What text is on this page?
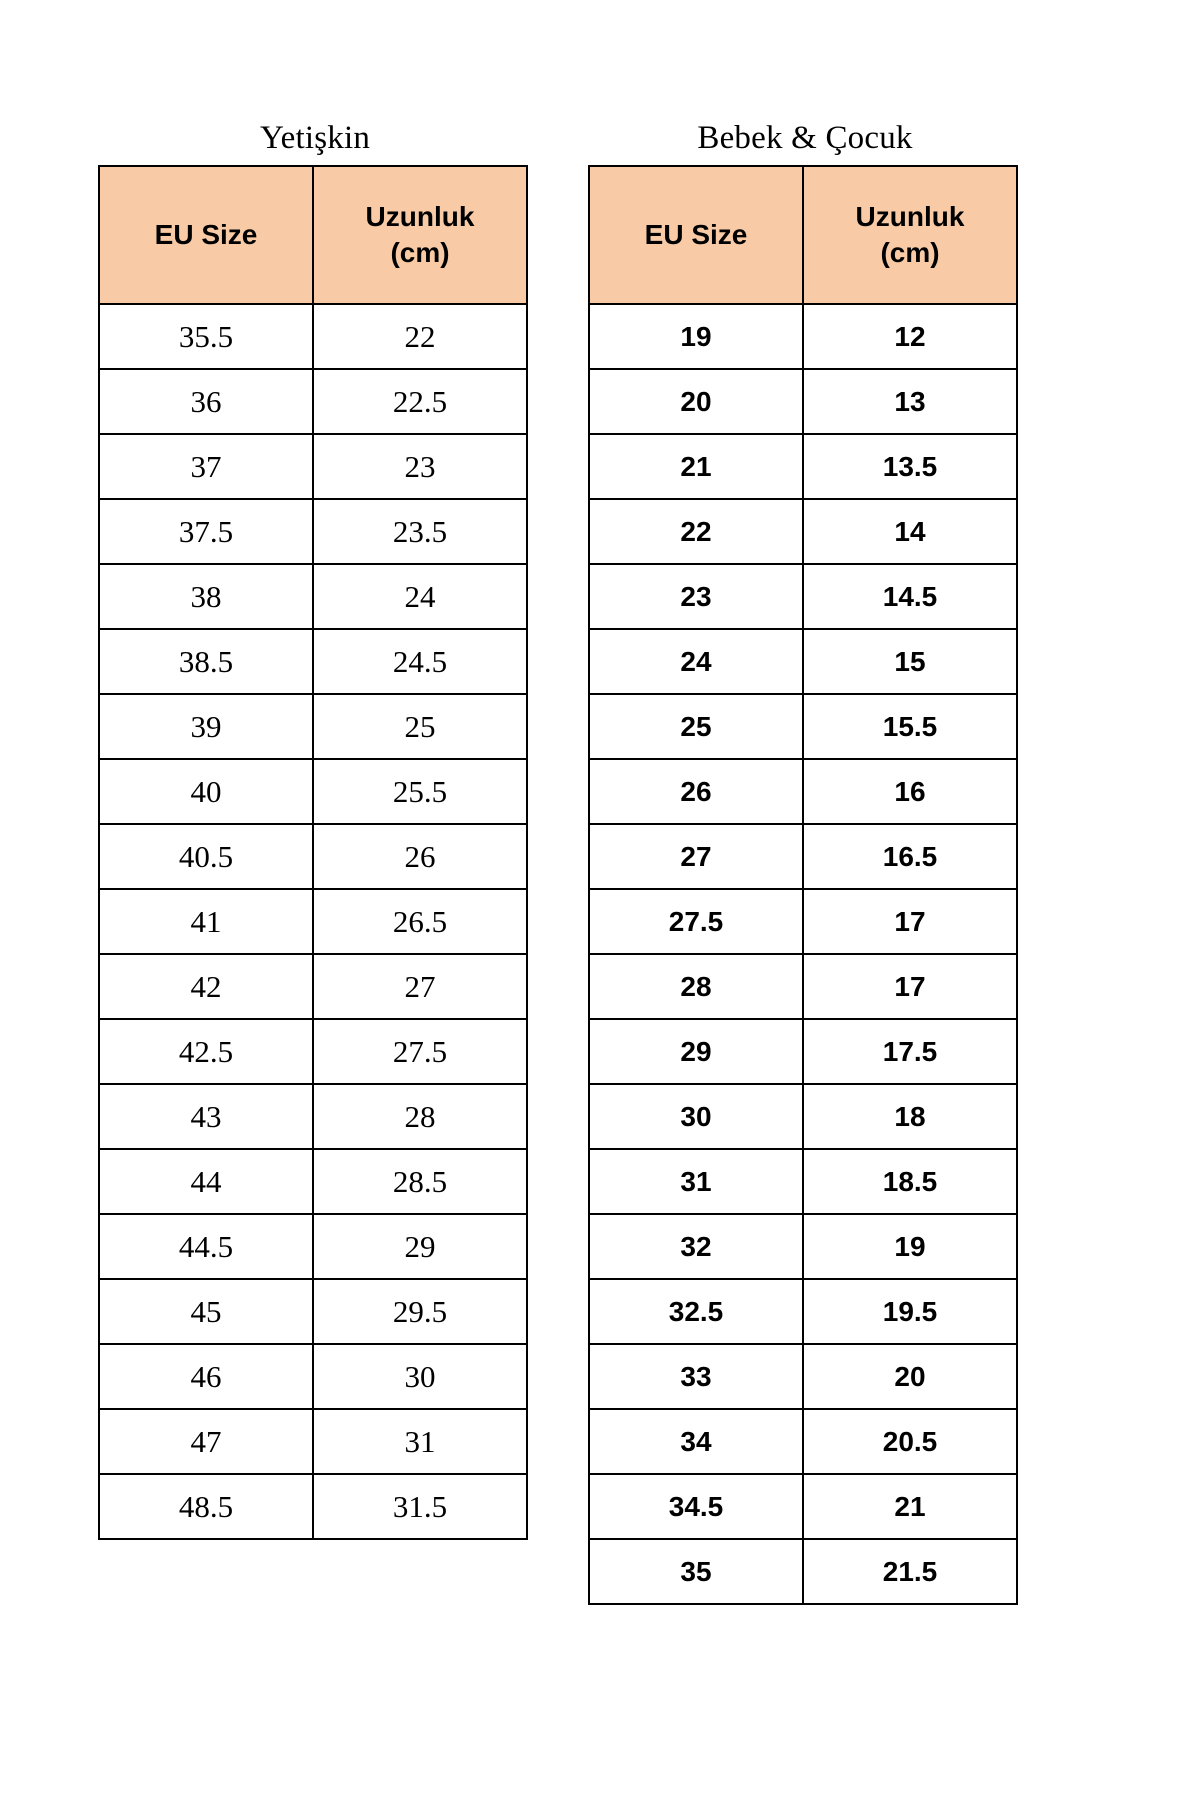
Yetişkin
EU Size	Uzunluk
(cm)

35.5	22
36	22.5
37	23
37.5	23.5
38	24
38.5	24.5
39	25
40	25.5
40.5	26
41	26.5
42	27
42.5	27.5
43	28
44	28.5
44.5	29
45	29.5
46	30
47	31
48.5	31.5
Bebek & Çocuk
EU Size	Uzunluk
(cm)

19	12
20	13
21	13.5
22	14
23	14.5
24	15
25	15.5
26	16
27	16.5
27.5	17
28	17
29	17.5
30	18
31	18.5
32	19
32.5	19.5
33	20
34	20.5
34.5	21
35	21.5
